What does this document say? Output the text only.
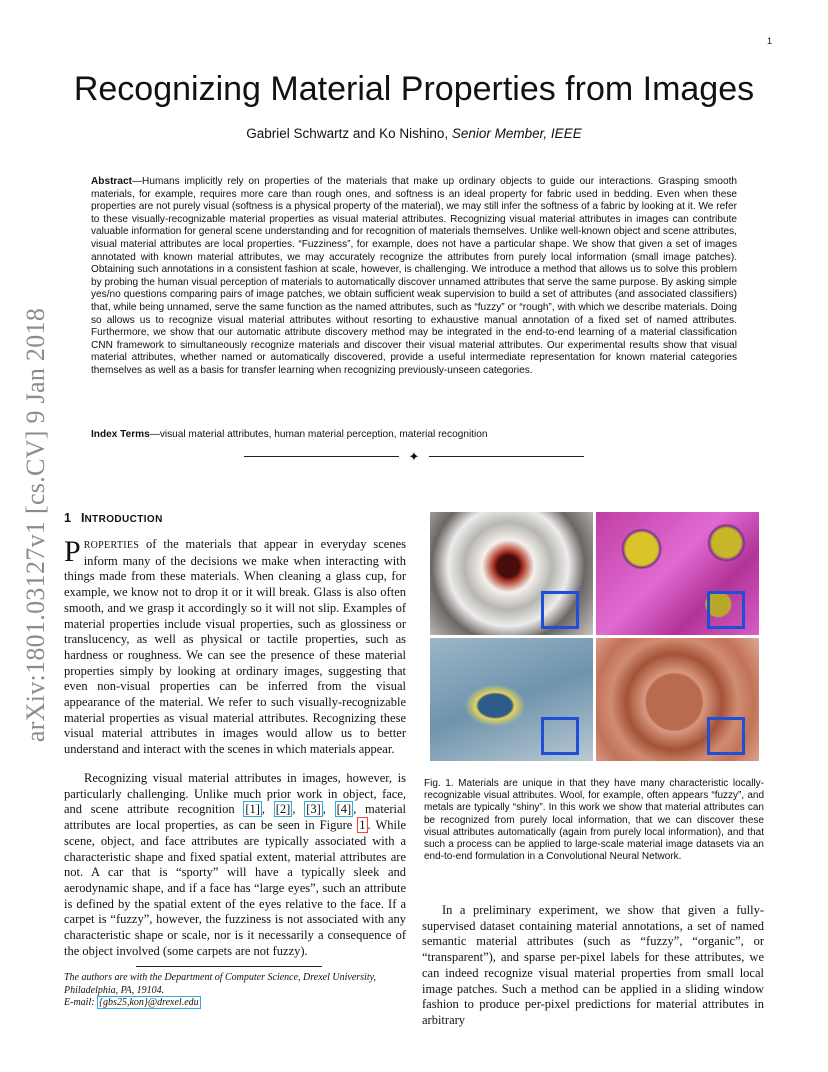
1
arXiv:1801.03127v1 [cs.CV] 9 Jan 2018
Recognizing Material Properties from Images
Gabriel Schwartz and Ko Nishino, Senior Member, IEEE

Abstract—Humans implicitly rely on properties of the materials that make up ordinary objects to guide our interactions. Grasping smooth materials, for example, requires more care than rough ones, and softness is an ideal property for fabric used in bedding. Even when these properties are not purely visual (softness is a physical property of the material), we may still infer the softness of a fabric by looking at it. We refer to these visually-recognizable material properties as visual material attributes. Recognizing visual material attributes in images can contribute valuable information for general scene understanding and for recognition of materials themselves. Unlike well-known object and scene attributes, visual material attributes are local properties. “Fuzziness”, for example, does not have a particular shape. We show that given a set of images annotated with known material attributes, we may accurately recognize the attributes from purely local information (small image patches). Obtaining such annotations in a consistent fashion at scale, however, is challenging. We introduce a method that allows us to solve this problem by probing the human visual perception of materials to automatically discover unnamed attributes that serve the same purpose. By asking simple yes/no questions comparing pairs of image patches, we obtain sufficient weak supervision to build a set of attributes (and associated classifiers) that, while being unnamed, serve the same function as the named attributes, such as “fuzzy” or “rough”, with which we describe materials. Doing so allows us to recognize visual material attributes without resorting to exhaustive manual annotation of a fixed set of named attributes. Furthermore, we show that our automatic attribute discovery method may be integrated in the end-to-end learning of a material classification CNN framework to simultaneously recognize materials and discover their visual material attributes. Our experimental results show that visual material attributes, whether named or automatically discovered, provide a useful intermediate representation for known material categories themselves as well as a basis for transfer learning when recognizing previously-unseen categories.

Index Terms—visual material attributes, human material perception, material recognition

✦
1 INTRODUCTION

PROPERTIES of the materials that appear in everyday scenes inform many of the decisions we make when interacting with things made from these materials. When cleaning a glass cup, for example, we know not to drop it or it will break. Glass is also often smooth, and we grasp it accordingly so it will not slip. Examples of material properties include visual properties, such as glossiness or translucency, as well as physical or tactile properties, such as hardness or roughness. We can see the presence of these material properties simply by looking at ordinary images, suggesting that even non-visual properties can be inferred from the visual appearance of the material. We refer to such visually-recognizable material properties as visual material attributes. Recognizing these visual material attributes in images would allow us to better understand and interact with the scenes in which materials appear.

Recognizing visual material attributes in images, however, is particularly challenging. Unlike much prior work in object, face, and scene attribute recognition [1] , [2] , [3] , [4] , material attributes are local properties, as can be seen in Figure 1 . While scene, object, and face attributes are typically associated with a characteristic shape and fixed spatial extent, material attributes are not. A car that is “sporty” will have a typically sleek and aerodynamic shape, and if a face has “large eyes”, such an attribute is defined by the spatial extent of the eyes relative to the face. If a carpet is “fuzzy”, however, the fuzziness is not associated with any characteristic shape or scale, nor is it necessarily a consequence of the object involved (some carpets are not fuzzy).

The authors are with the Department of Computer Science, Drexel University, Philadelphia, PA, 19104.

E-mail: {gbs25,kon}@drexel.edu

Fig. 1. Materials are unique in that they have many characteristic locally-recognizable visual attributes. Wool, for example, often appears “fuzzy”, and metals are typically “shiny”. In this work we show that material attributes can be recognized from purely local information, that we can discover these visual attributes automatically (again from purely local information), and that such a process can be applied to large-scale material image datasets via an end-to-end formulation in a Convolutional Neural Network.

In a preliminary experiment, we show that given a fully-supervised dataset containing material annotations, a set of named semantic material attributes (such as “fuzzy”, “organic”, or “transparent”), and sparse per-pixel labels for these attributes, we can indeed recognize visual material properties from small local image patches. Such a method can be applied in a sliding window fashion to produce per-pixel predictions for material attributes in arbitrary
